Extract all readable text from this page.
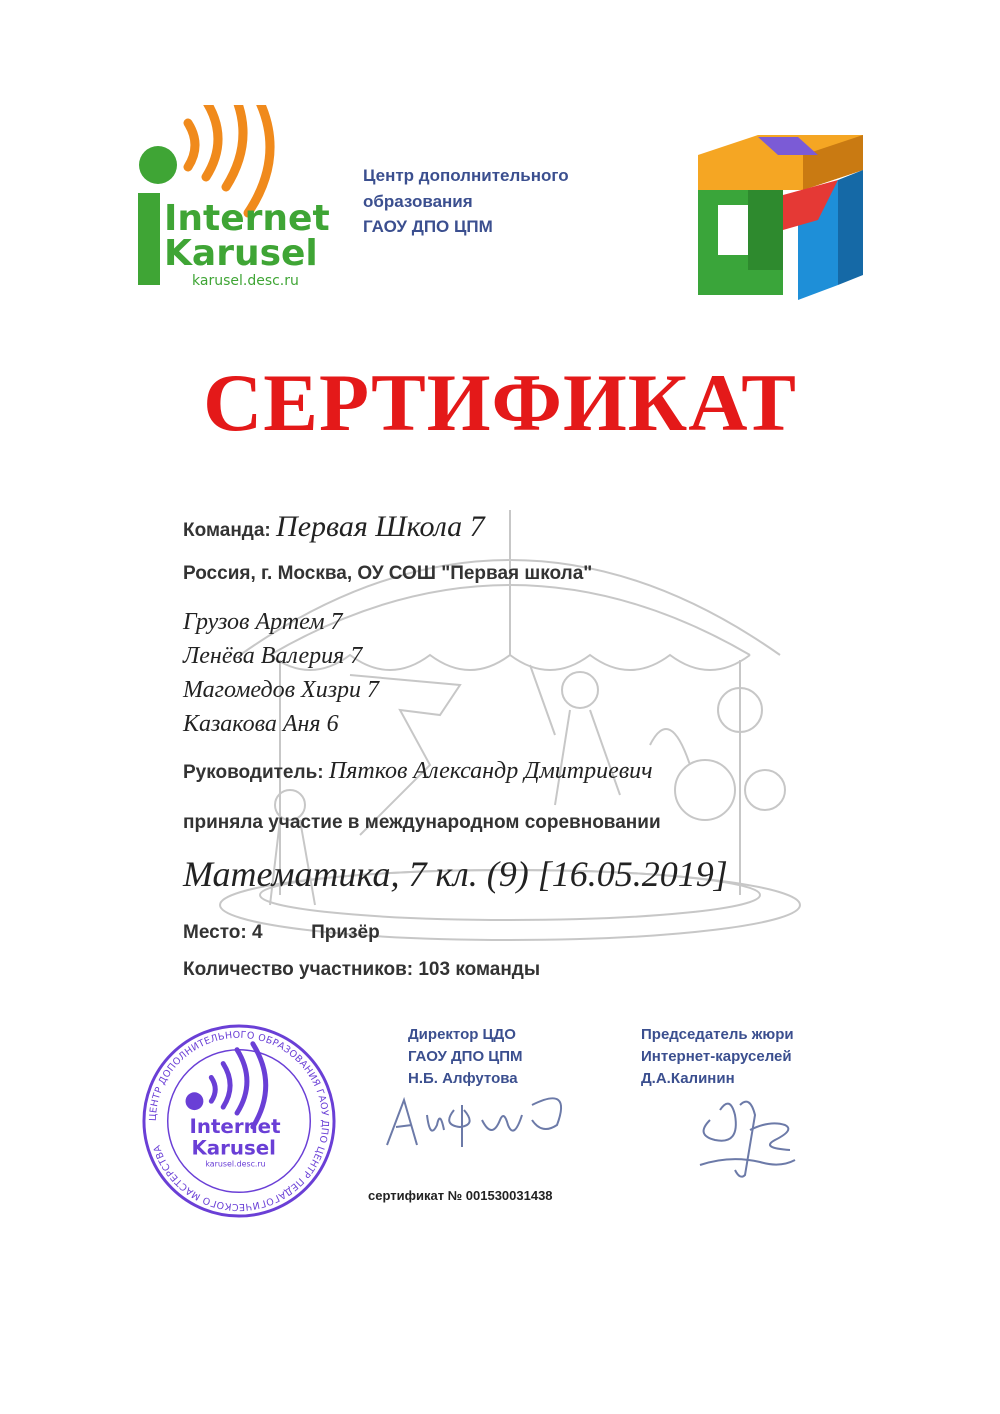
Internet
Karusel
karusel.desc.ru
Центр дополнительного
образования
ГАОУ ДПО ЦПМ
СЕРТИФИКАТ
Команда: Первая Школа 7
Россия, г. Москва, ОУ СОШ "Первая школа"
Грузов Артем 7
Ленёва Валерия 7
Магомедов Хизри 7
Казакова Аня 6
Руководитель: Пятков Александр Дмитриевич
приняла участие в международном соревновании
Математика, 7 кл. (9) [16.05.2019]
Место: 4	Призёр
Количество участников: 103 команды
ЦЕНТР ДОПОЛНИТЕЛЬНОГО ОБРАЗОВАНИЯ ГАОУ ДПО ЦЕНТР ПЕДАГОГИЧЕСКОГО МАСТЕРСТВА
Internet
Karusel
karusel.desc.ru
Директор ЦДО
ГАОУ ДПО ЦПМ
Н.Б. Алфутова
Председатель жюри
Интернет-каруселей
Д.А.Калинин
сертификат № 001530031438
